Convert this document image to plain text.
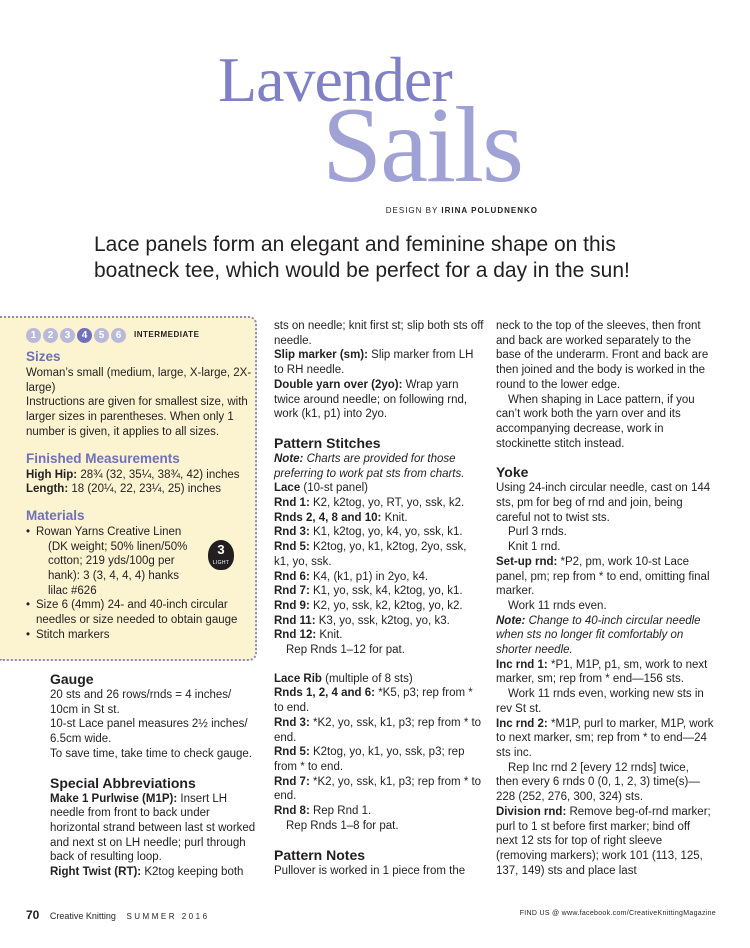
Lavender
Sails
DESIGN BY IRINA POLUDNENKO
Lace panels form an elegant and feminine shape on this boatneck tee, which would be perfect for a day in the sun!
1	2	3	4	5	6	INTERMEDIATE
Sizes

Woman’s small (medium, large, X-large, 2X-large)

Instructions are given for smallest size, with larger sizes in parentheses. When only 1 number is given, it applies to all sizes.

Finished Measurements

High Hip: 28¾ (32, 35¼, 38¾, 42) inches

Length: 18 (20¼, 22, 23¼, 25) inches

Materials
• Rowan Yarns Creative Linen
(DK weight; 50% linen/50% cotton; 219 yds/100g per hank): 3 (3, 4, 4, 4) hanks lilac #626
• Size 6 (4mm) 24- and 40-inch circular needles or size needed to obtain gauge
• Stitch markers
3
LIGHT
Gauge

20 sts and 26 rows/rnds = 4 inches/ 10cm in St st.

10-st Lace panel measures 2½ inches/ 6.5cm wide.

To save time, take time to check gauge.

Special Abbreviations

Make 1 Purlwise (M1P): Insert LH needle from front to back under horizontal strand between last st worked and next st on LH needle; purl through back of resulting loop.

Right Twist (RT): K2tog keeping both

sts on needle; knit first st; slip both sts off needle.

Slip marker (sm): Slip marker from LH to RH needle.

Double yarn over (2yo): Wrap yarn twice around needle; on following rnd, work (k1, p1) into 2yo.

Pattern Stitches

Note: Charts are provided for those preferring to work pat sts from charts.

Lace (10-st panel)

Rnd 1: K2, k2tog, yo, RT, yo, ssk, k2.

Rnds 2, 4, 8 and 10: Knit.

Rnd 3: K1, k2tog, yo, k4, yo, ssk, k1.

Rnd 5: K2tog, yo, k1, k2tog, 2yo, ssk, k1, yo, ssk.

Rnd 6: K4, (k1, p1) in 2yo, k4.

Rnd 7: K1, yo, ssk, k4, k2tog, yo, k1.

Rnd 9: K2, yo, ssk, k2, k2tog, yo, k2.

Rnd 11: K3, yo, ssk, k2tog, yo, k3.

Rnd 12: Knit.

Rep Rnds 1–12 for pat.

Lace Rib (multiple of 8 sts)

Rnds 1, 2, 4 and 6: *K5, p3; rep from * to end.

Rnd 3: *K2, yo, ssk, k1, p3; rep from * to end.

Rnd 5: K2tog, yo, k1, yo, ssk, p3; rep from * to end.

Rnd 7: *K2, yo, ssk, k1, p3; rep from * to end.

Rnd 8: Rep Rnd 1.

Rep Rnds 1–8 for pat.

Pattern Notes

Pullover is worked in 1 piece from the

neck to the top of the sleeves, then front and back are worked separately to the base of the underarm. Front and back are then joined and the body is worked in the round to the lower edge.

When shaping in Lace pattern, if you can’t work both the yarn over and its accompanying decrease, work in stockinette stitch instead.

Yoke

Using 24-inch circular needle, cast on 144 sts, pm for beg of rnd and join, being careful not to twist sts.

Purl 3 rnds.

Knit 1 rnd.

Set-up rnd: *P2, pm, work 10-st Lace panel, pm; rep from * to end, omitting final marker.

Work 11 rnds even.

Note: Change to 40-inch circular needle when sts no longer fit comfortably on shorter needle.

Inc rnd 1: *P1, M1P, p1, sm, work to next marker, sm; rep from * end—156 sts.

Work 11 rnds even, working new sts in rev St st.

Inc rnd 2: *M1P, purl to marker, M1P, work to next marker, sm; rep from * to end—24 sts inc.

Rep Inc rnd 2 [every 12 rnds] twice, then every 6 rnds 0 (0, 1, 2, 3) time(s)—228 (252, 276, 300, 324) sts.

Division rnd: Remove beg-of-rnd marker; purl to 1 st before first marker; bind off next 12 sts for top of right sleeve (removing markers); work 101 (113, 125, 137, 149) sts and place last

70 Creative Knitting SUMMER 2016	FIND US @ www.facebook.com/CreativeKnittingMagazine
